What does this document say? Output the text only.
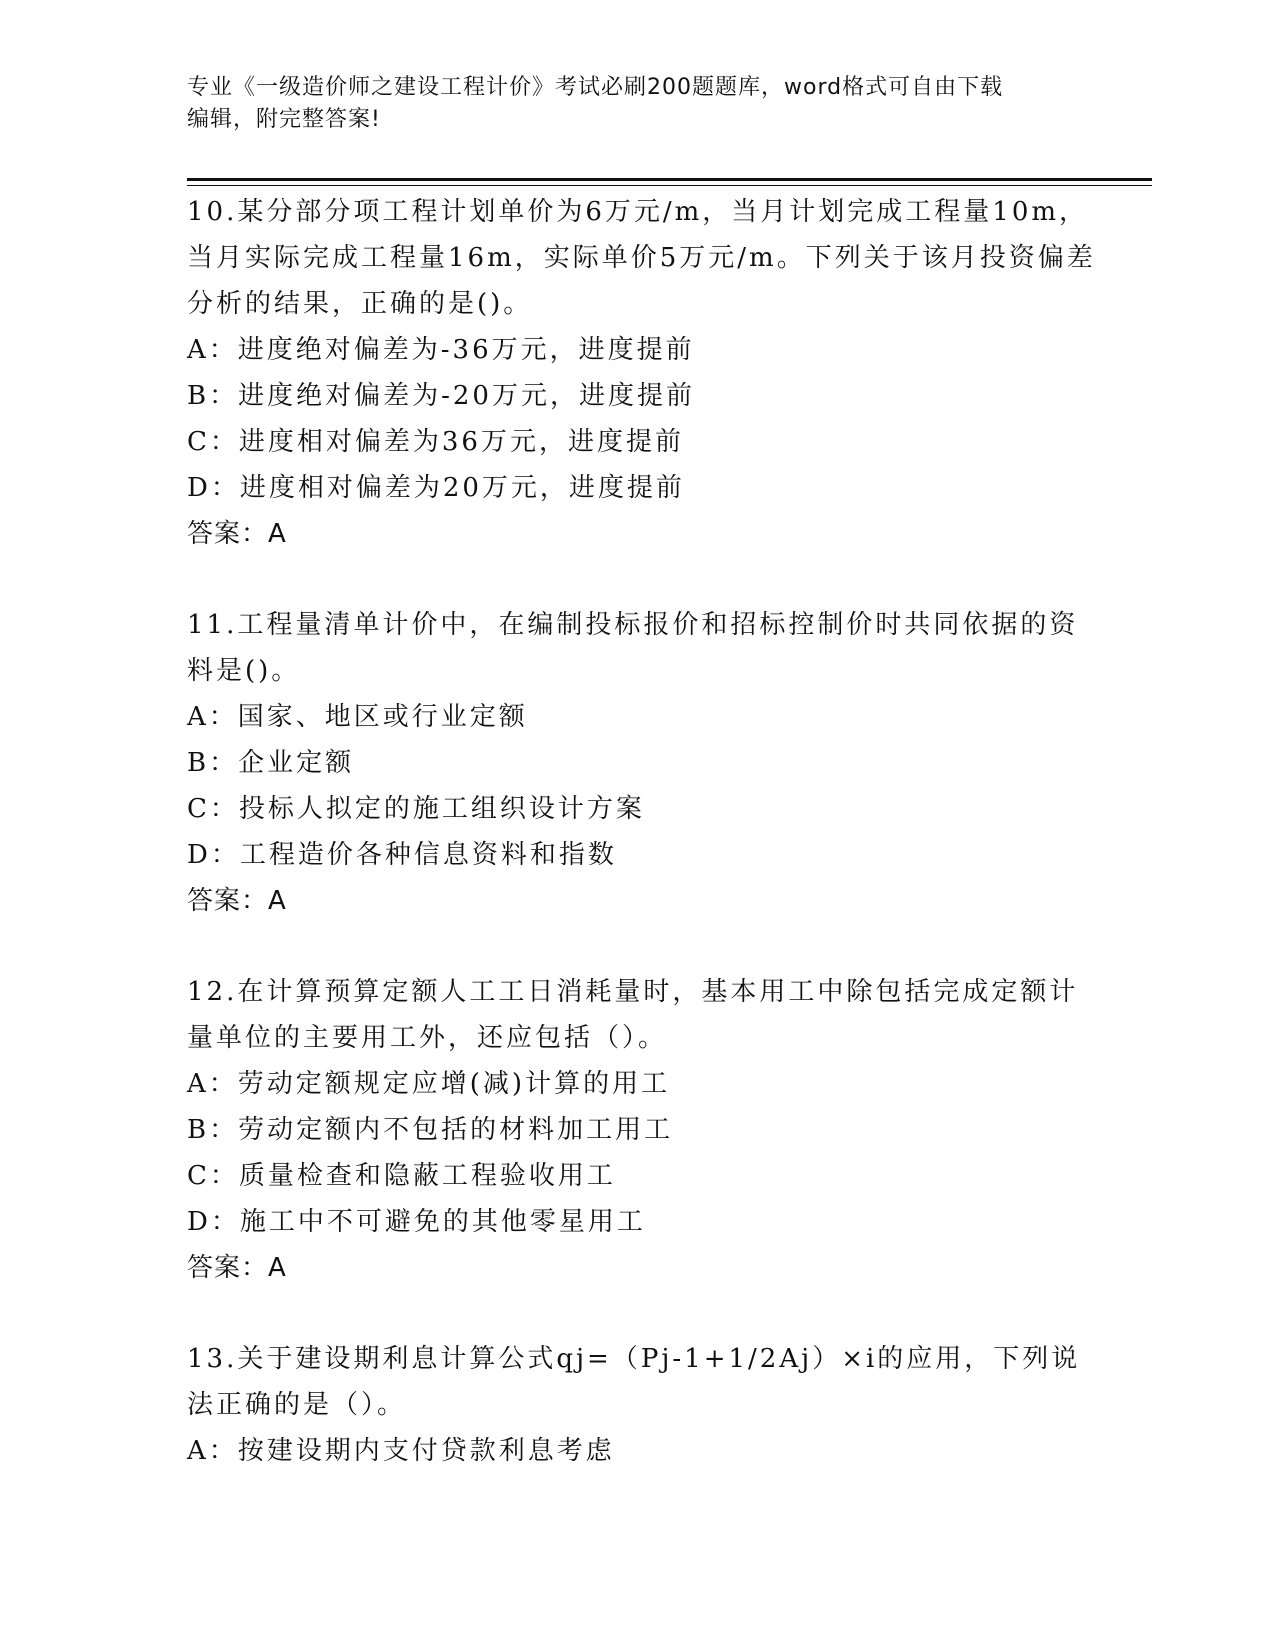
专业《一级造价师之建设工程计价》考试必刷200题题库，word格式可自由下载
编辑，附完整答案!
10.某分部分项工程计划单价为6万元/m，当月计划完成工程量10m，
当月实际完成工程量16m，实际单价5万元/m。下列关于该月投资偏差
分析的结果，正确的是()。
A：进度绝对偏差为-36万元，进度提前
B：进度绝对偏差为-20万元，进度提前
C：进度相对偏差为36万元，进度提前
D：进度相对偏差为20万元，进度提前
答案：A
11.工程量清单计价中，在编制投标报价和招标控制价时共同依据的资
料是()。
A：国家、地区或行业定额
B：企业定额
C：投标人拟定的施工组织设计方案
D：工程造价各种信息资料和指数
答案：A
12.在计算预算定额人工工日消耗量时，基本用工中除包括完成定额计
量单位的主要用工外，还应包括（）。
A：劳动定额规定应增(减)计算的用工
B：劳动定额内不包括的材料加工用工
C：质量检查和隐蔽工程验收用工
D：施工中不可避免的其他零星用工
答案：A
13.关于建设期利息计算公式qj=（Pj-1+1/2Aj）×i的应用，下列说
法正确的是（）。
A：按建设期内支付贷款利息考虑
